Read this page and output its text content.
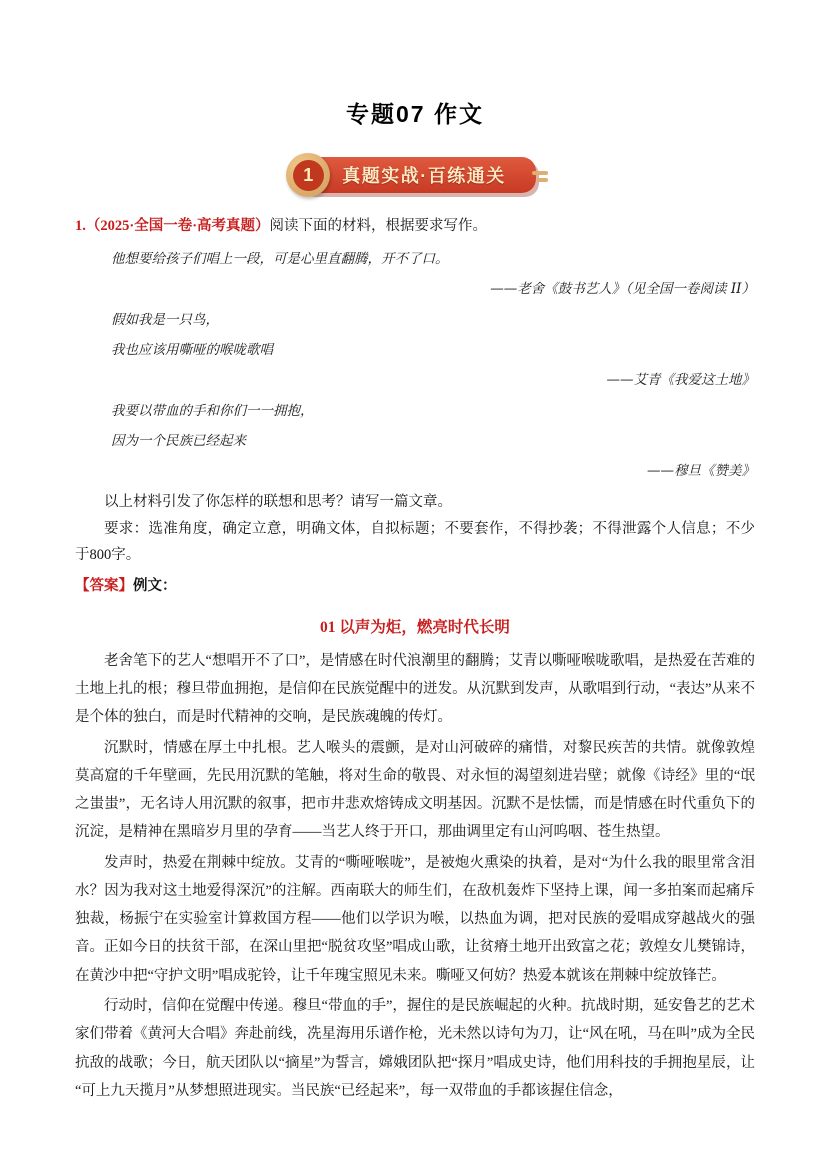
专题07 作文
1	真题实战·百练通关

1.（2025·全国一卷·高考真题）阅读下面的材料，根据要求写作。

他想要给孩子们唱上一段，可是心里直翻腾，开不了口。

——老舍《鼓书艺人》（见全国一卷阅读 II）

假如我是一只鸟，

我也应该用嘶哑的喉咙歌唱

——艾青《我爱这土地》

我要以带血的手和你们一一拥抱，

因为一个民族已经起来

——穆旦《赞美》

以上材料引发了你怎样的联想和思考？请写一篇文章。

要求：选准角度，确定立意，明确文体，自拟标题；不要套作，不得抄袭；不得泄露个人信息；不少于800字。

【答案】例文：

01 以声为炬，燃亮时代长明

老舍笔下的艺人“想唱开不了口”，是情感在时代浪潮里的翻腾；艾青以嘶哑喉咙歌唱，是热爱在苦难的土地上扎的根；穆旦带血拥抱，是信仰在民族觉醒中的迸发。从沉默到发声，从歌唱到行动，“表达”从来不是个体的独白，而是时代精神的交响，是民族魂魄的传灯。

沉默时，情感在厚土中扎根。艺人喉头的震颤，是对山河破碎的痛惜，对黎民疾苦的共情。就像敦煌莫高窟的千年壁画，先民用沉默的笔触，将对生命的敬畏、对永恒的渴望刻进岩壁；就像《诗经》里的“氓之蚩蚩”，无名诗人用沉默的叙事，把市井悲欢熔铸成文明基因。沉默不是怯懦，而是情感在时代重负下的沉淀，是精神在黑暗岁月里的孕育——当艺人终于开口，那曲调里定有山河呜咽、苍生热望。

发声时，热爱在荆棘中绽放。艾青的“嘶哑喉咙”，是被炮火熏染的执着，是对“为什么我的眼里常含泪水？因为我对这土地爱得深沉”的注解。西南联大的师生们，在敌机轰炸下坚持上课，闻一多拍案而起痛斥独裁，杨振宁在实验室计算救国方程——他们以学识为喉，以热血为调，把对民族的爱唱成穿越战火的强音。正如今日的扶贫干部，在深山里把“脱贫攻坚”唱成山歌，让贫瘠土地开出致富之花；敦煌女儿樊锦诗，在黄沙中把“守护文明”唱成驼铃，让千年瑰宝照见未来。嘶哑又何妨？热爱本就该在荆棘中绽放锋芒。

行动时，信仰在觉醒中传递。穆旦“带血的手”，握住的是民族崛起的火种。抗战时期，延安鲁艺的艺术家们带着《黄河大合唱》奔赴前线，冼星海用乐谱作枪，光未然以诗句为刀，让“风在吼，马在叫”成为全民抗敌的战歌；今日，航天团队以“摘星”为誓言，嫦娥团队把“探月”唱成史诗，他们用科技的手拥抱星辰，让“可上九天揽月”从梦想照进现实。当民族“已经起来”，每一双带血的手都该握住信念，
